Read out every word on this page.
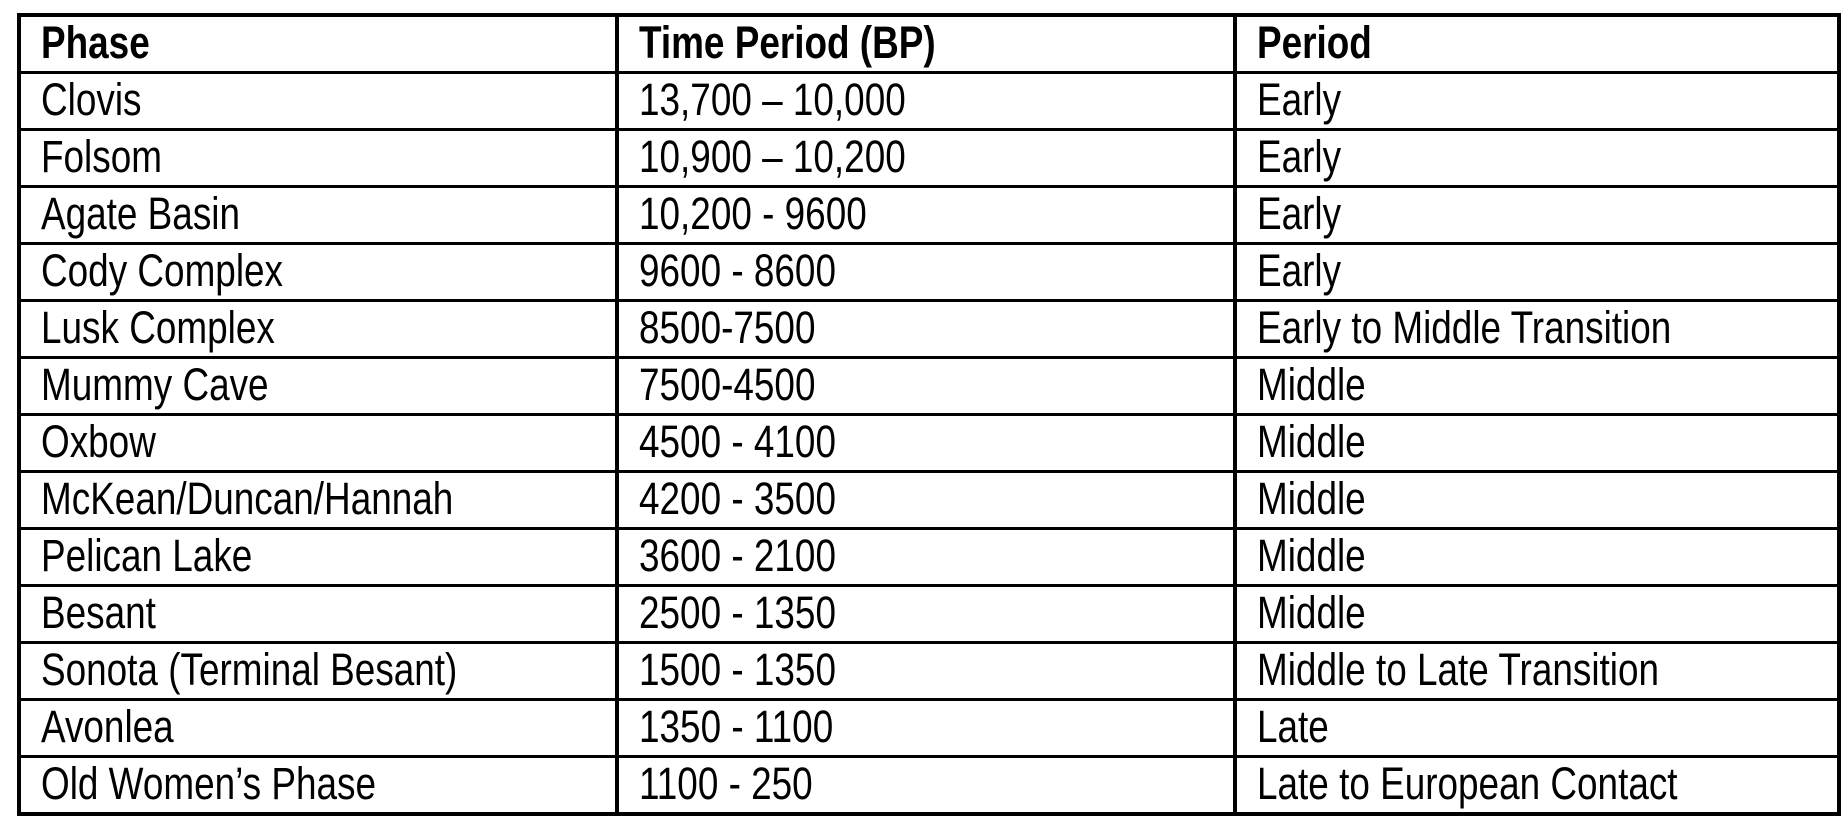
Phase	Time Period (BP)	Period
Clovis	13,700 – 10,000	Early
Folsom	10,900 – 10,200	Early
Agate Basin	10,200 - 9600	Early
Cody Complex	9600 - 8600	Early
Lusk Complex	8500-7500	Early to Middle Transition
Mummy Cave	7500-4500	Middle
Oxbow	4500 - 4100	Middle
McKean/Duncan/Hannah	4200 - 3500	Middle
Pelican Lake	3600 - 2100	Middle
Besant	2500 - 1350	Middle
Sonota (Terminal Besant)	1500 - 1350	Middle to Late Transition
Avonlea	1350 - 1100	Late
Old Women’s Phase	1100 - 250	Late to European Contact
